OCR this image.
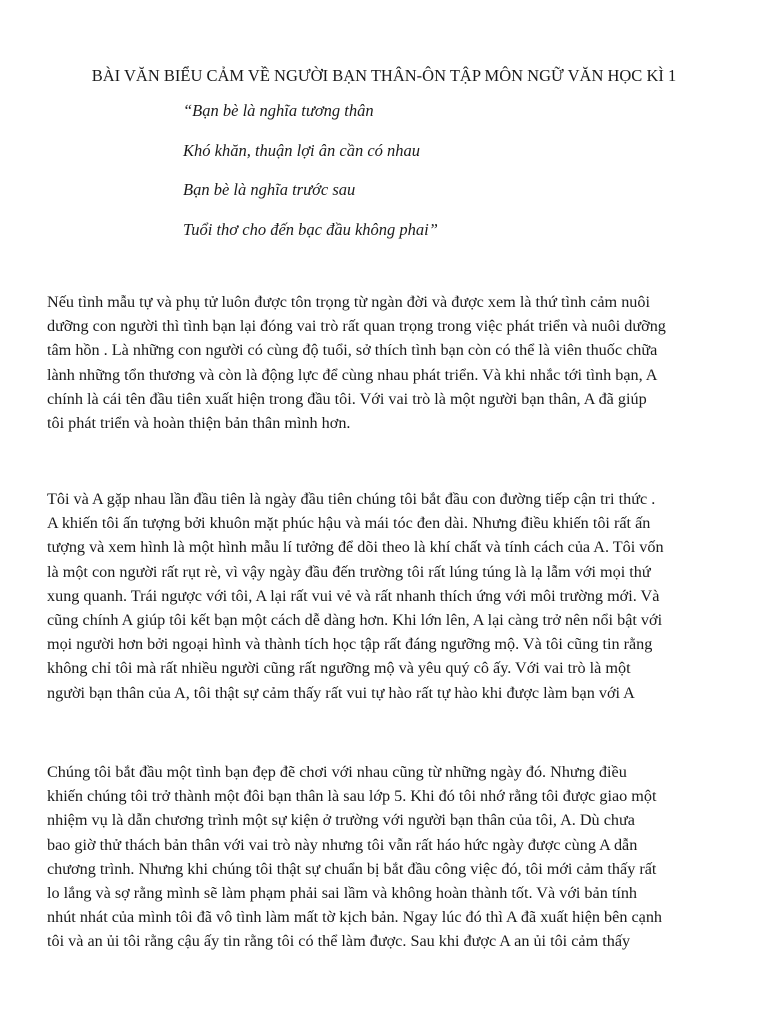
BÀI VĂN BIỂU CẢM VỀ NGƯỜI BẠN THÂN-ÔN TẬP MÔN NGỮ VĂN HỌC KÌ 1
“Bạn bè là nghĩa tương thân
Khó khăn, thuận lợi ân cần có nhau
Bạn bè là nghĩa trước sau
Tuổi thơ cho đến bạc đầu không phai”

Nếu tình mẫu tự và phụ tử luôn được tôn trọng từ ngàn đời và được xem là thứ tình cảm nuôi
dưỡng con người thì tình bạn lại đóng vai trò rất quan trọng trong việc phát triển và nuôi dưỡng
tâm hồn . Là những con người có cùng độ tuổi, sở thích tình bạn còn có thể là viên thuốc chữa
lành những tổn thương và còn là động lực để cùng nhau phát triển. Và khi nhắc tới tình bạn, A
chính là cái tên đầu tiên xuất hiện trong đầu tôi. Với vai trò là một người bạn thân, A đã giúp
tôi phát triển và hoàn thiện bản thân mình hơn.

Tôi và A gặp nhau lần đầu tiên là ngày đầu tiên chúng tôi bắt đầu con đường tiếp cận tri thức .
A khiến tôi ấn tượng bởi khuôn mặt phúc hậu và mái tóc đen dài. Nhưng điều khiến tôi rất ấn
tượng và xem hình là một hình mẫu lí tưởng để dõi theo là khí chất và tính cách của A. Tôi vốn
là một con người rất rụt rè, vì vậy ngày đầu đến trường tôi rất lúng túng là lạ lẫm với mọi thứ
xung quanh. Trái ngược với tôi, A lại rất vui vẻ và rất nhanh thích ứng với môi trường mới. Và
cũng chính A giúp tôi kết bạn một cách dễ dàng hơn. Khi lớn lên, A lại càng trở nên nổi bật với
mọi người hơn bởi ngoại hình và thành tích học tập rất đáng ngưỡng mộ. Và tôi cũng tin rằng
không chỉ tôi mà rất nhiều người cũng rất ngưỡng mộ và yêu quý cô ấy. Với vai trò là một
người bạn thân của A, tôi thật sự cảm thấy rất vui tự hào rất tự hào khi được làm bạn với A

Chúng tôi bắt đầu một tình bạn đẹp đẽ chơi với nhau cũng từ những ngày đó. Nhưng điều
khiến chúng tôi trở thành một đôi bạn thân là sau lớp 5. Khi đó tôi nhớ rằng tôi được giao một
nhiệm vụ là dẫn chương trình một sự kiện ở trường với người bạn thân của tôi, A. Dù chưa
bao giờ thử thách bản thân với vai trò này nhưng tôi vẫn rất háo hức ngày được cùng A dẫn
chương trình. Nhưng khi chúng tôi thật sự chuẩn bị bắt đầu công việc đó, tôi mới cảm thấy rất
lo lắng và sợ rằng mình sẽ làm phạm phải sai lầm và không hoàn thành tốt. Và với bản tính
nhút nhát của mình tôi đã vô tình làm mất tờ kịch bản. Ngay lúc đó thì A đã xuất hiện bên cạnh
tôi và an ủi tôi rằng cậu ấy tin rằng tôi có thể làm được. Sau khi được A an ủi tôi cảm thấy
